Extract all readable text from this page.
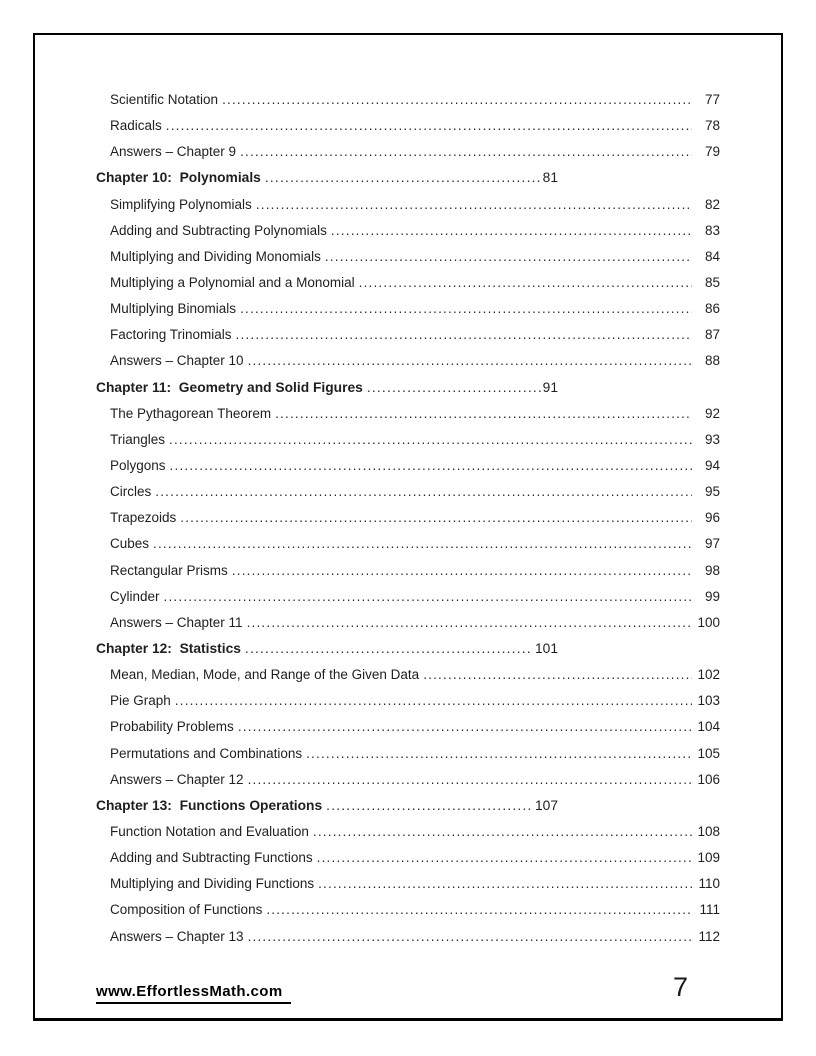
Scientific Notation .....	77
Radicals .....	78
Answers – Chapter 9 .....	79
Chapter 10:  Polynomials .....	81
Simplifying Polynomials .....	82
Adding and Subtracting Polynomials .....	83
Multiplying and Dividing Monomials .....	84
Multiplying a Polynomial and a Monomial .....	85
Multiplying Binomials .....	86
Factoring Trinomials .....	87
Answers – Chapter 10 .....	88
Chapter 11:  Geometry and Solid Figures .....	91
The Pythagorean Theorem .....	92
Triangles .....	93
Polygons .....	94
Circles .....	95
Trapezoids .....	96
Cubes .....	97
Rectangular Prisms .....	98
Cylinder .....	99
Answers – Chapter 11 .....	100
Chapter 12:  Statistics .....	101
Mean, Median, Mode, and Range of the Given Data .....	102
Pie Graph .....	103
Probability Problems .....	104
Permutations and Combinations .....	105
Answers – Chapter 12 .....	106
Chapter 13:  Functions Operations .....	107
Function Notation and Evaluation .....	108
Adding and Subtracting Functions .....	109
Multiplying and Dividing Functions .....	110
Composition of Functions .....	111
Answers – Chapter 13 .....	112
www.EffortlessMath.com	7
